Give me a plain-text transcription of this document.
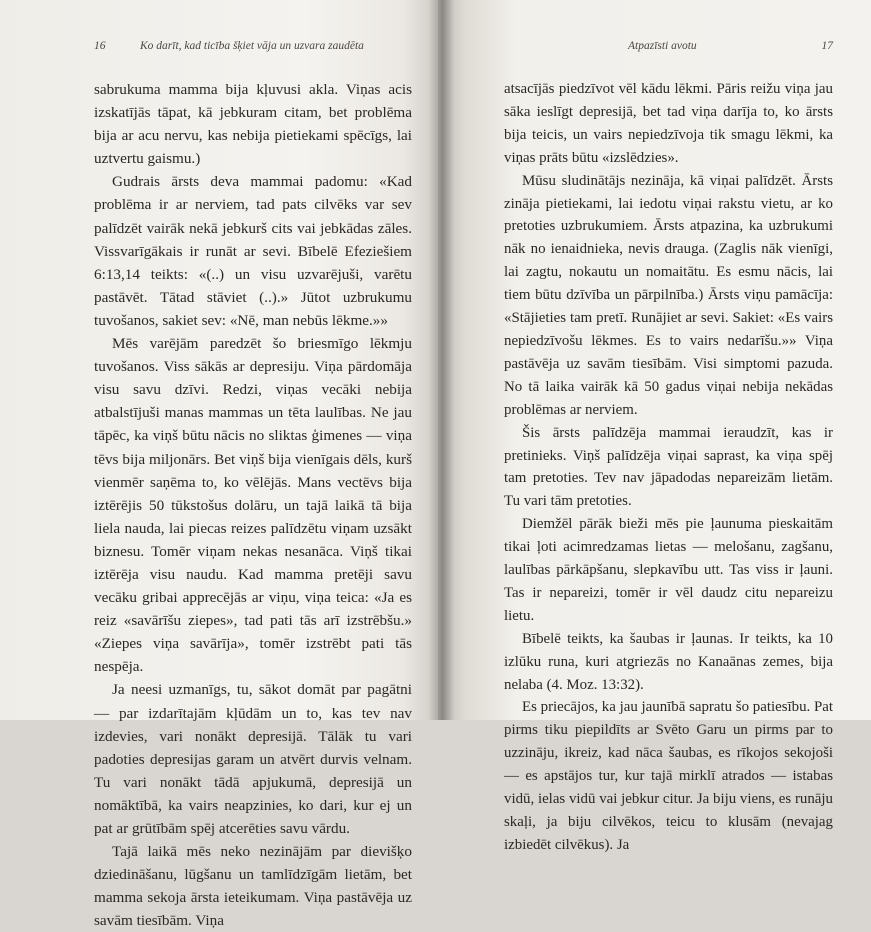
16	Ko darīt, kad ticība šķiet vāja un uzvara zaudēta

sabrukuma mamma bija kļuvusi akla. Viņas acis izskatījās tāpat, kā jebkuram citam, bet problēma bija ar acu nervu, kas nebija pietiekami spēcīgs, lai uztvertu gaismu.)

Gudrais ārsts deva mammai padomu: «Kad problēma ir ar nerviem, tad pats cilvēks var sev palīdzēt vairāk nekā jebkurš cits vai jebkādas zāles. Vissvarīgākais ir runāt ar sevi. Bībelē Efeziešiem 6:13,14 teikts: «(..) un visu uzvarējuši, varētu pastāvēt. Tātad stāviet (..).» Jūtot uzbrukumu tuvošanos, sakiet sev: «Nē, man nebūs lēkme.»»

Mēs varējām paredzēt šo briesmīgo lēkmju tuvošanos. Viss sākās ar depresiju. Viņa pārdomāja visu savu dzīvi. Redzi, viņas vecāki nebija atbalstījuši manas mammas un tēta laulības. Ne jau tāpēc, ka viņš būtu nācis no sliktas ģimenes — viņa tēvs bija miljonārs. Bet viņš bija vienīgais dēls, kurš vienmēr saņēma to, ko vēlējās. Mans vectēvs bija iztērējis 50 tūkstošus dolāru, un tajā laikā tā bija liela nauda, lai piecas reizes palīdzētu viņam uzsākt biznesu. Tomēr viņam nekas nesanāca. Viņš tikai iztērēja visu naudu. Kad mamma pretēji savu vecāku gribai apprecējās ar viņu, viņa teica: «Ja es reiz «savārīšu ziepes», tad pati tās arī izstrēbšu.» «Ziepes viņa savārīja», tomēr izstrēbt pati tās nespēja.

Ja neesi uzmanīgs, tu, sākot domāt par pagātni — par izdarītajām kļūdām un to, kas tev nav izdevies, vari nonākt depresijā. Tālāk tu vari padoties depresijas garam un atvērt durvis velnam. Tu vari nonākt tādā apjukumā, depresijā un nomāktībā, ka vairs neapzinies, ko dari, kur ej un pat ar grūtībām spēj atcerēties savu vārdu.

Tajā laikā mēs neko nezinājām par dievišķo dziedināšanu, lūgšanu un tamlīdzīgām lietām, bet mamma sekoja ārsta ieteikumam. Viņa pastāvēja uz savām tiesībām. Viņa

Atpazīsti avotu	17

atsacījās piedzīvot vēl kādu lēkmi. Pāris reižu viņa jau sāka ieslīgt depresijā, bet tad viņa darīja to, ko ārsts bija teicis, un vairs nepiedzīvoja tik smagu lēkmi, ka viņas prāts būtu «izslēdzies».

Mūsu sludinātājs nezināja, kā viņai palīdzēt. Ārsts zināja pietiekami, lai iedotu viņai rakstu vietu, ar ko pretoties uzbrukumiem. Ārsts atpazina, ka uzbrukumi nāk no ienaidnieka, nevis drauga. (Zaglis nāk vienīgi, lai zagtu, nokautu un nomaitātu. Es esmu nācis, lai tiem būtu dzīvība un pārpilnība.) Ārsts viņu pamācīja: «Stājieties tam pretī. Runājiet ar sevi. Sakiet: «Es vairs nepiedzīvošu lēkmes. Es to vairs nedarīšu.»» Viņa pastāvēja uz savām tiesībām. Visi simptomi pazuda. No tā laika vairāk kā 50 gadus viņai nebija nekādas problēmas ar nerviem.

Šis ārsts palīdzēja mammai ieraudzīt, kas ir pretinieks. Viņš palīdzēja viņai saprast, ka viņa spēj tam pretoties. Tev nav jāpadodas nepareizām lietām. Tu vari tām pretoties.

Diemžēl pārāk bieži mēs pie ļaunuma pieskaitām tikai ļoti acimredzamas lietas — melošanu, zagšanu, laulības pārkāpšanu, slepkavību utt. Tas viss ir ļauni. Tas ir nepareizi, tomēr ir vēl daudz citu nepareizu lietu.

Bībelē teikts, ka šaubas ir ļaunas. Ir teikts, ka 10 izlūku runa, kuri atgriezās no Kanaānas zemes, bija nelaba (4. Moz. 13:32).

Es priecājos, ka jau jaunībā sapratu šo patiesību. Pat pirms tiku piepildīts ar Svēto Garu un pirms par to uzzināju, ikreiz, kad nāca šaubas, es rīkojos sekojoši — es apstājos tur, kur tajā mirklī atrados — istabas vidū, ielas vidū vai jebkur citur. Ja biju viens, es runāju skaļi, ja biju cilvēkos, teicu to klusām (nevajag izbiedēt cilvēkus). Ja
